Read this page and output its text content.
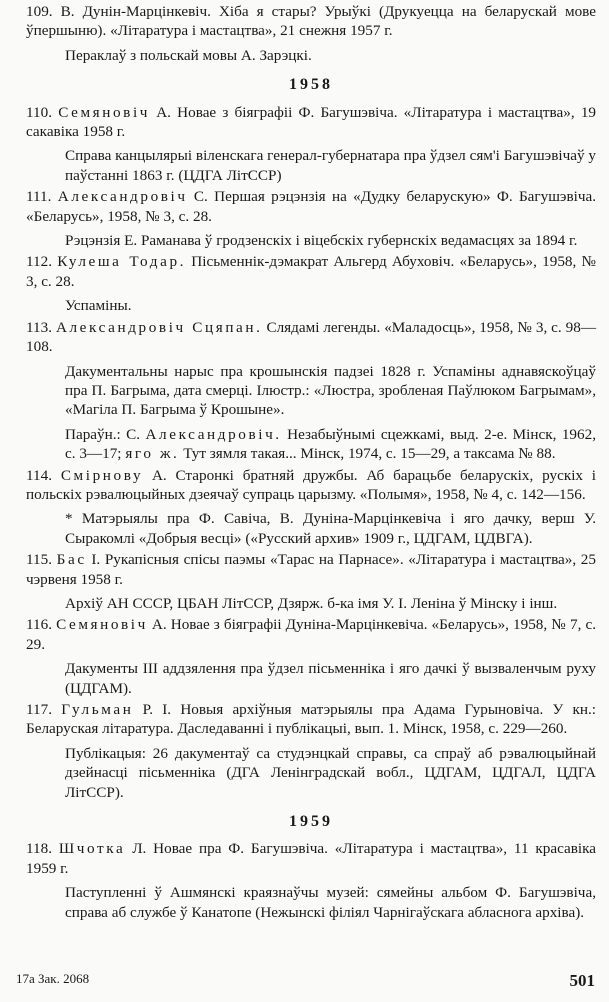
109. В. Дунін-Марцінкевіч. Хіба я стары? Урыўкі (Друкуецца на беларускай мове ўпершыню). «Літаратура і мастацтва», 21 снежня 1957 г.

Пераклаў з польскай мовы А. Зарэцкі.

1958

110. Семяновіч А. Новае з біяграфіі Ф. Багушэвіча. «Літаратура і мастацтва», 19 сакавіка 1958 г.

Справа канцылярыі віленскага генерал-губернатара пра ўдзел сям'і Багушэвічаў у паўстанні 1863 г. (ЦДГА ЛітССР)

111. Александровіч С. Першая рэцэнзія на «Дудку беларускую» Ф. Багушэвіча. «Беларусь», 1958, № 3, с. 28.

Рэцэнзія Е. Раманава ў гродзенскіх і віцебскіх губернскіх ведамасцях за 1894 г.

112. Кулеша Тодар. Пісьменнік-дэмакрат Альгерд Абуховіч. «Беларусь», 1958, № 3, с. 28.

Успаміны.

113. Александровіч Сцяпан. Слядамі легенды. «Маладосць», 1958, № 3, с. 98—108.

Дакументальны нарыс пра крошынскія падзеі 1828 г. Успаміны аднавяскоўцаў пра П. Багрыма, дата смерці. Ілюстр.: «Люстра, зробленая Паўлюком Багрымам», «Магіла П. Багрыма ў Крошыне».

Параўн.: С. Александровіч. Незабыўнымі сцежкамі, выд. 2-е. Мінск, 1962, с. 3—17; яго ж. Тут зямля такая... Мінск, 1974, с. 15—29, а таксама № 88.

114. Смірнову А. Старонкі братняй дружбы. Аб барацьбе беларускіх, рускіх і польскіх рэвалюцыйных дзеячаў супраць царызму. «Полымя», 1958, № 4, с. 142—156.

* Матэрыялы пра Ф. Савіча, В. Дуніна-Марцінкевіча і яго дачку, верш У. Сыракомлі «Добрыя весці» («Русский архив» 1909 г., ЦДГАМ, ЦДВГА).

115. Бас І. Рукапісныя спісы паэмы «Тарас на Парнасе». «Літаратура і мастацтва», 25 чэрвеня 1958 г.

Архіў АН СССР, ЦБАН ЛітССР, Дзярж. б-ка імя У. І. Леніна ў Мінску і інш.

116. Семяновіч А. Новае з біяграфіі Дуніна-Марцінкевіча. «Беларусь», 1958, № 7, с. 29.

Дакументы III аддзялення пра ўдзел пісьменніка і яго дачкі ў вызваленчым руху (ЦДГАМ).

117. Гульман Р. І. Новыя архіўныя матэрыялы пра Адама Гурыновіча. У кн.: Беларуская літаратура. Даследаванні і публікацыі, вып. 1. Мінск, 1958, с. 229—260.

Публікацыя: 26 дакументаў са студэнцкай справы, са спраў аб рэвалюцыйнай дзейнасці пісьменніка (ДГА Ленінградскай вобл., ЦДГАМ, ЦДГАЛ, ЦДГА ЛітССР).

1959

118. Шчотка Л. Новае пра Ф. Багушэвіча. «Літаратура і мастацтва», 11 красавіка 1959 г.

Паступленні ў Ашмянскі краязнаўчы музей: сямейны альбом Ф. Багушэвіча, справа аб службе ў Канатопе (Нежынскі філіял Чарнігаўскага абласнога архіва).

17а Зак. 2068	501
